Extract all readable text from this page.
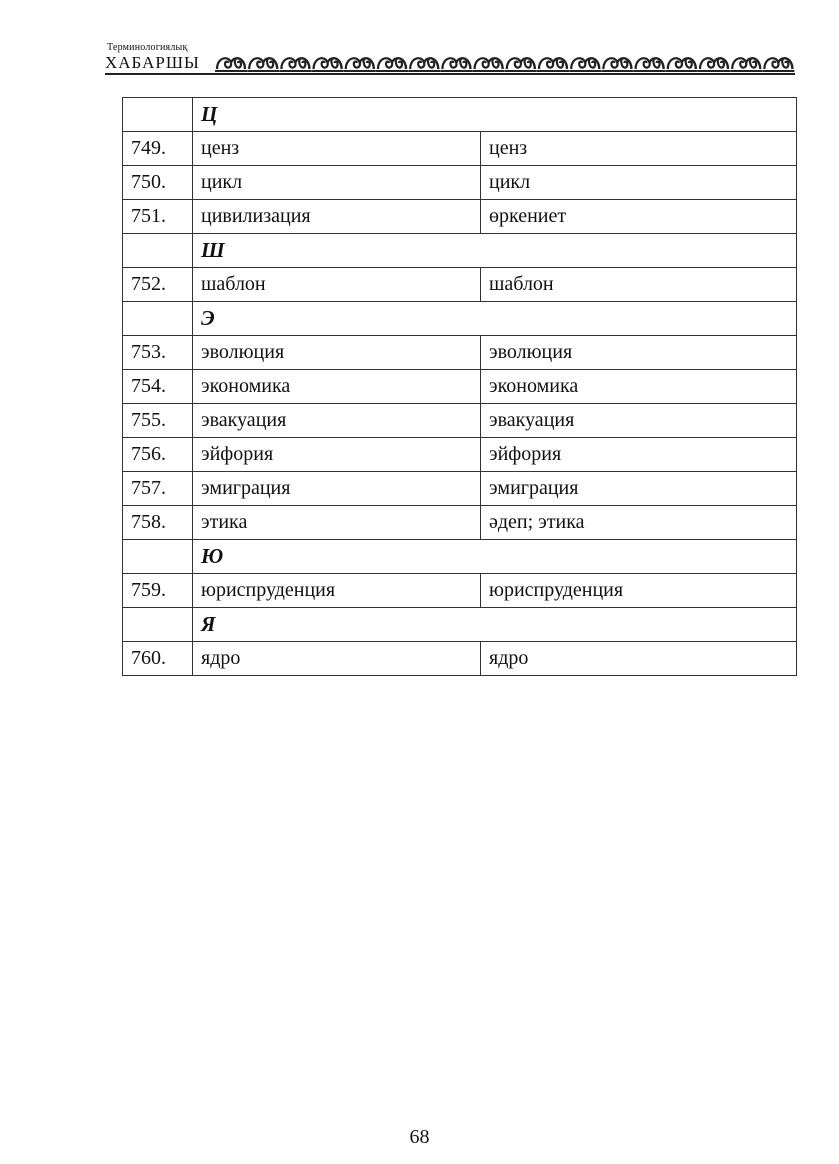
Терминологиялық
ХАБАРШЫ
	Ц	
749.	ценз	ценз
750.	цикл	цикл
751.	цивилизация	өркениет
	Ш	
752.	шаблон	шаблон
	Э	
753.	эволюция	эволюция
754.	экономика	экономика
755.	эвакуация	эвакуация
756.	эйфория	эйфория
757.	эмиграция	эмиграция
758.	этика	әдеп; этика
	Ю	
759.	юриспруденция	юриспруденция
	Я	
760.	ядро	ядро
68
